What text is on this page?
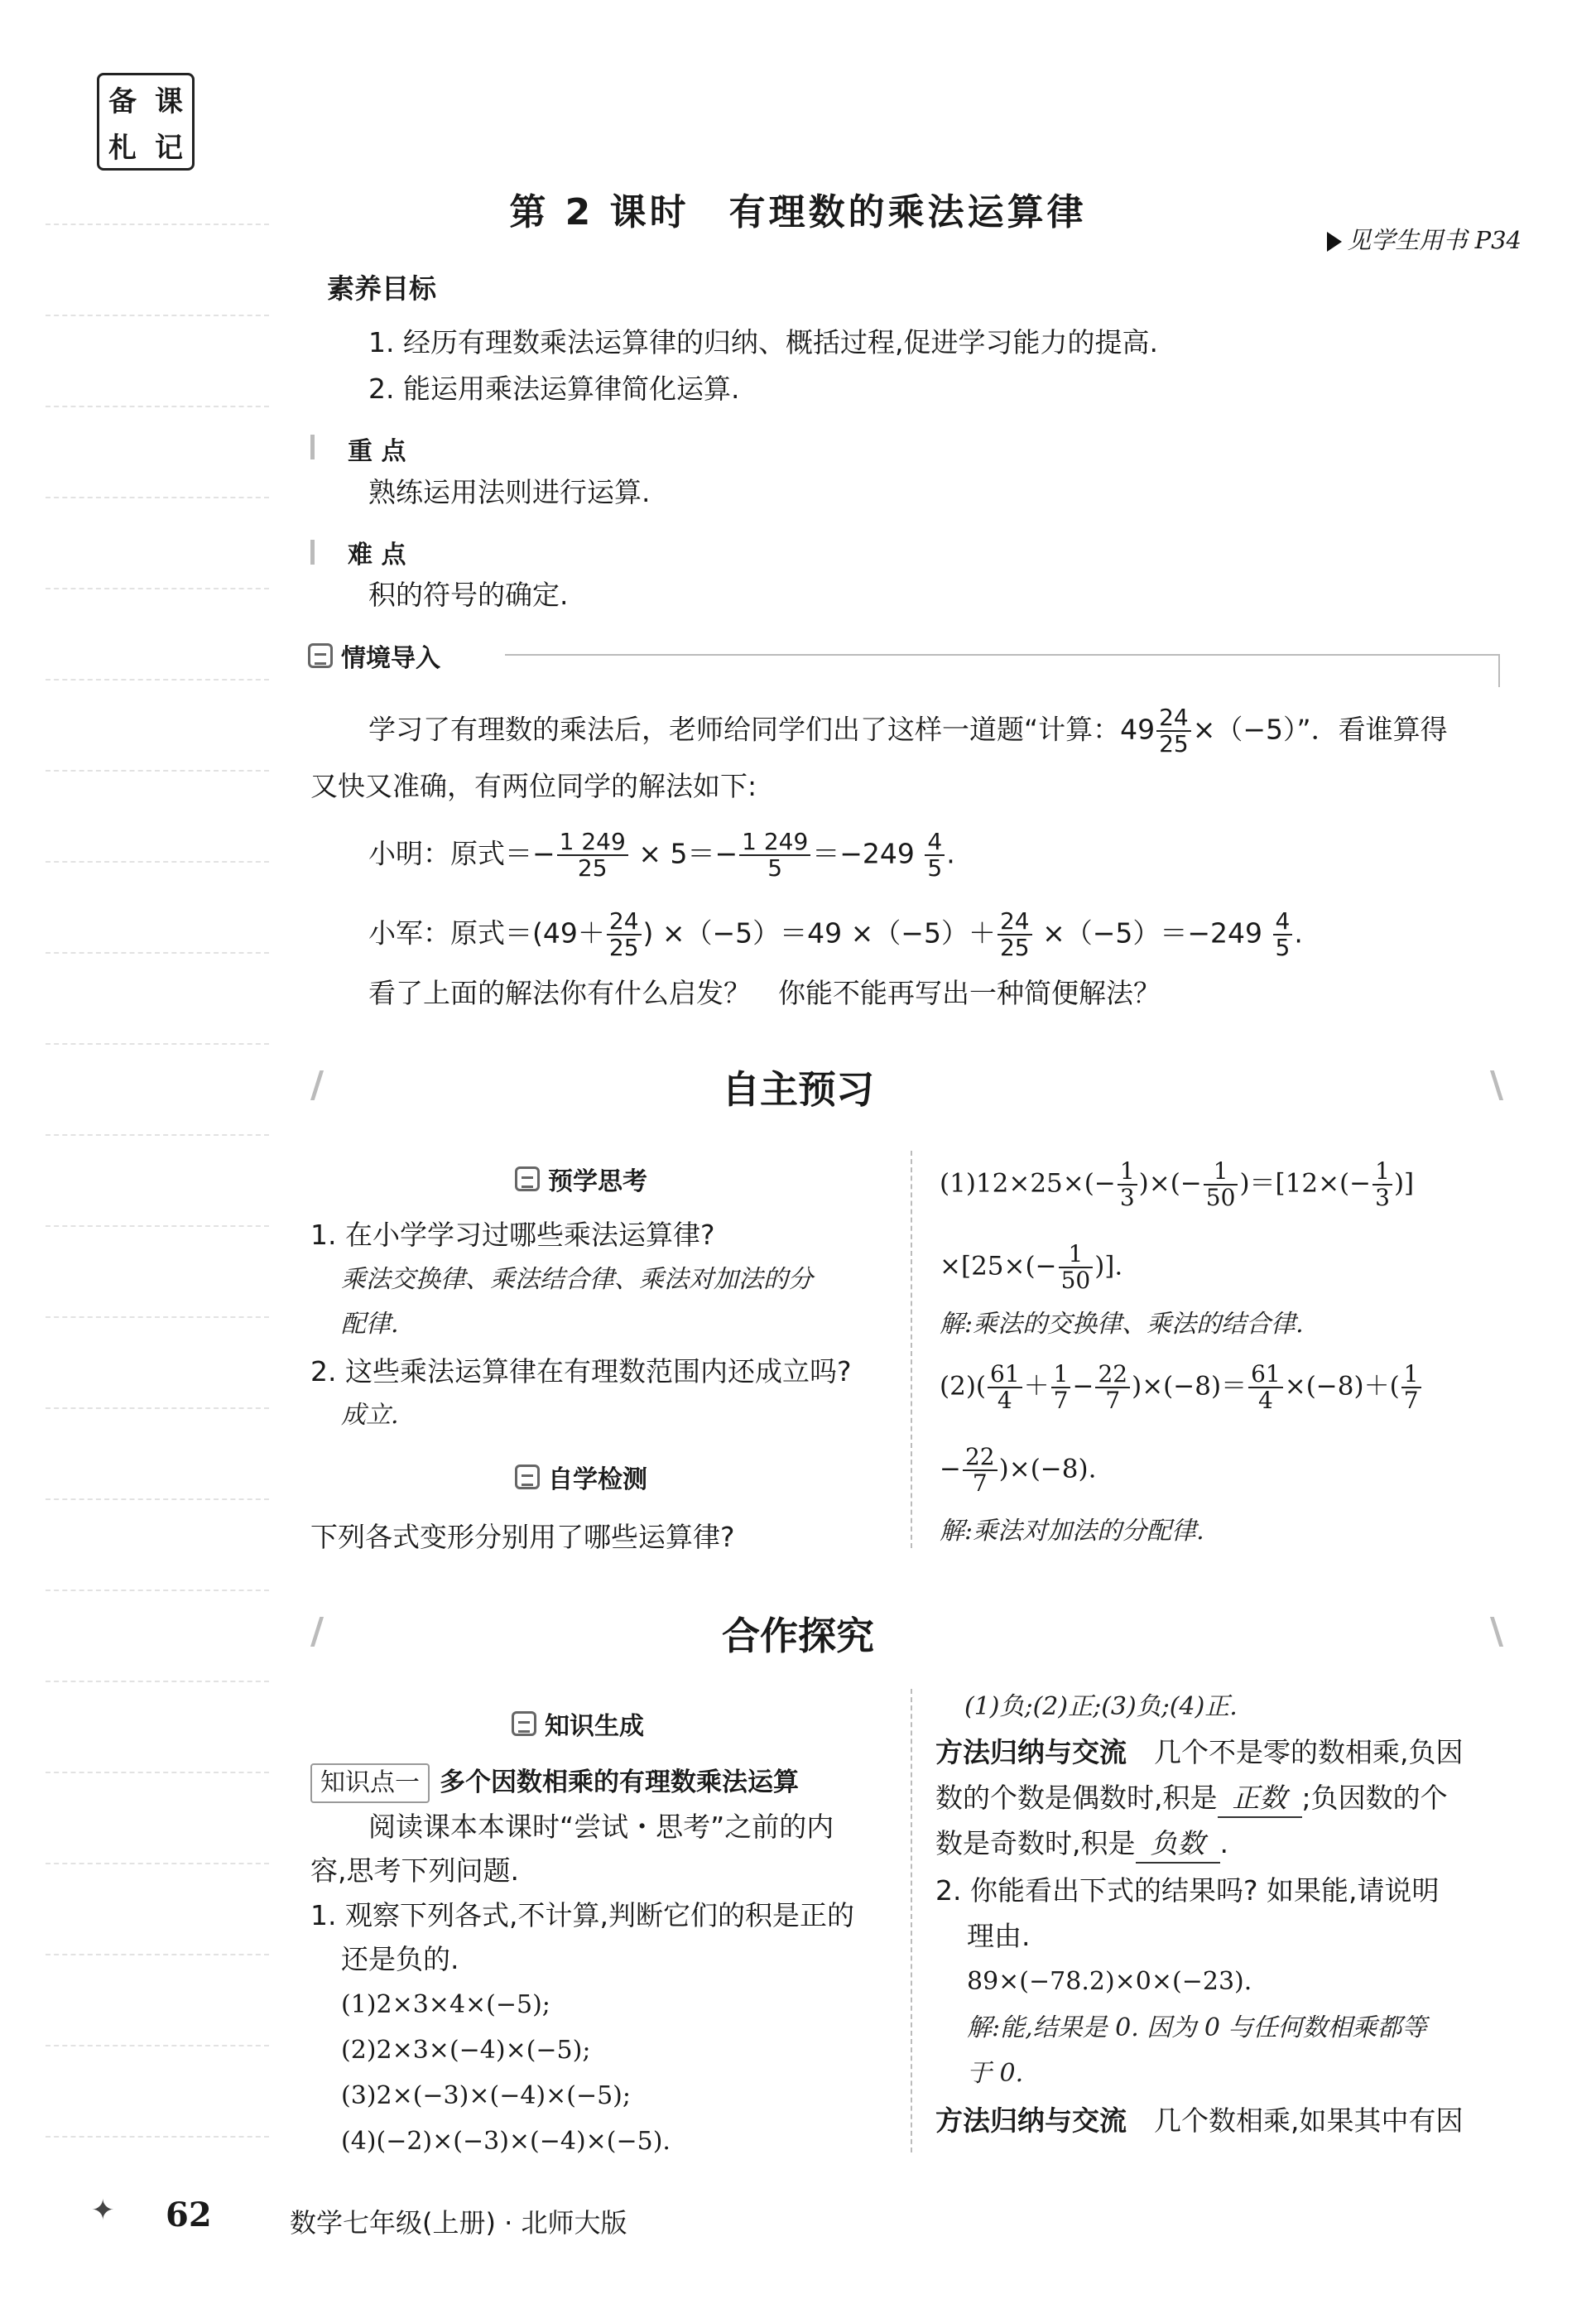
备 课
札 记
第 2 课时　有理数的乘法运算律
见学生用书 P34
素养目标
1. 经历有理数乘法运算律的归纳、概括过程,促进学习能力的提高.
2. 能运用乘法运算律简化运算.
重 点
熟练运用法则进行运算.
难 点
积的符号的确定.
情境导入
学习了有理数的乘法后，老师给同学们出了这样一道题“计算：$49 \frac{24}{25} \times(-5)$”．看谁算得
又快又准确，有两位同学的解法如下:
小明：原式＝− $\frac{1 249}{25} \times 5=- \frac{1 249}{5} =-249 \frac{4}{5}$ .
小军：原式$=(49+ \frac{24}{25}$ ) $\times(-5)=49 \times(-5)+ \frac{24}{25} \times(-5)=-249 \frac{4}{5}$ .
看了上面的解法你有什么启发？　你能不能再写出一种简便解法？
/	\
自主预习
预学思考
1. 在小学学习过哪些乘法运算律?
乘法交换律、乘法结合律、乘法对加法的分
配律.
2. 这些乘法运算律在有理数范围内还成立吗?
成立.
自学检测
下列各式变形分别用了哪些运算律?
$(1)12\times 25\times(- \frac{1}{3}$ )×(− $\frac{1}{50} )=[12\times(- \frac{1}{3}$ )]
$\times[25\times(- \frac{1}{50}$ )].
解:乘法的交换律、乘法的结合律.
$(2)( \frac{61}{4} + \frac{1}{7} - \frac{22}{7} )\times(-8)= \frac{61}{4} \times(-8)+( \frac{1}{7}$
− $\frac{22}{7} )\times(-8)$.
解:乘法对加法的分配律.
/	\
合作探究
知识生成
知识点一 多个因数相乘的有理数乘法运算
阅读课本本课时“尝试・思考”之前的内
容,思考下列问题.
1. 观察下列各式,不计算,判断它们的积是正的
还是负的.
(1)2×3×4×(−5);
(2)2×3×(−4)×(−5);
(3)2×(−3)×(−4)×(−5);
(4)(−2)×(−3)×(−4)×(−5).
(1)负;(2)正;(3)负;(4)正.
方法归纳与交流　 几个不是零的数相乘,负因
数的个数是偶数时,积是 正数 ;负因数的个
数是奇数时,积是 负数 .
2. 你能看出下式的结果吗? 如果能,请说明
理由.
89×(−78.2)×0×(−23).
解:能,结果是 0. 因为 0 与任何数相乘都等
于 0.
方法归纳与交流　 几个数相乘,如果其中有因
✦ 62	数学七年级(上册) · 北师大版
